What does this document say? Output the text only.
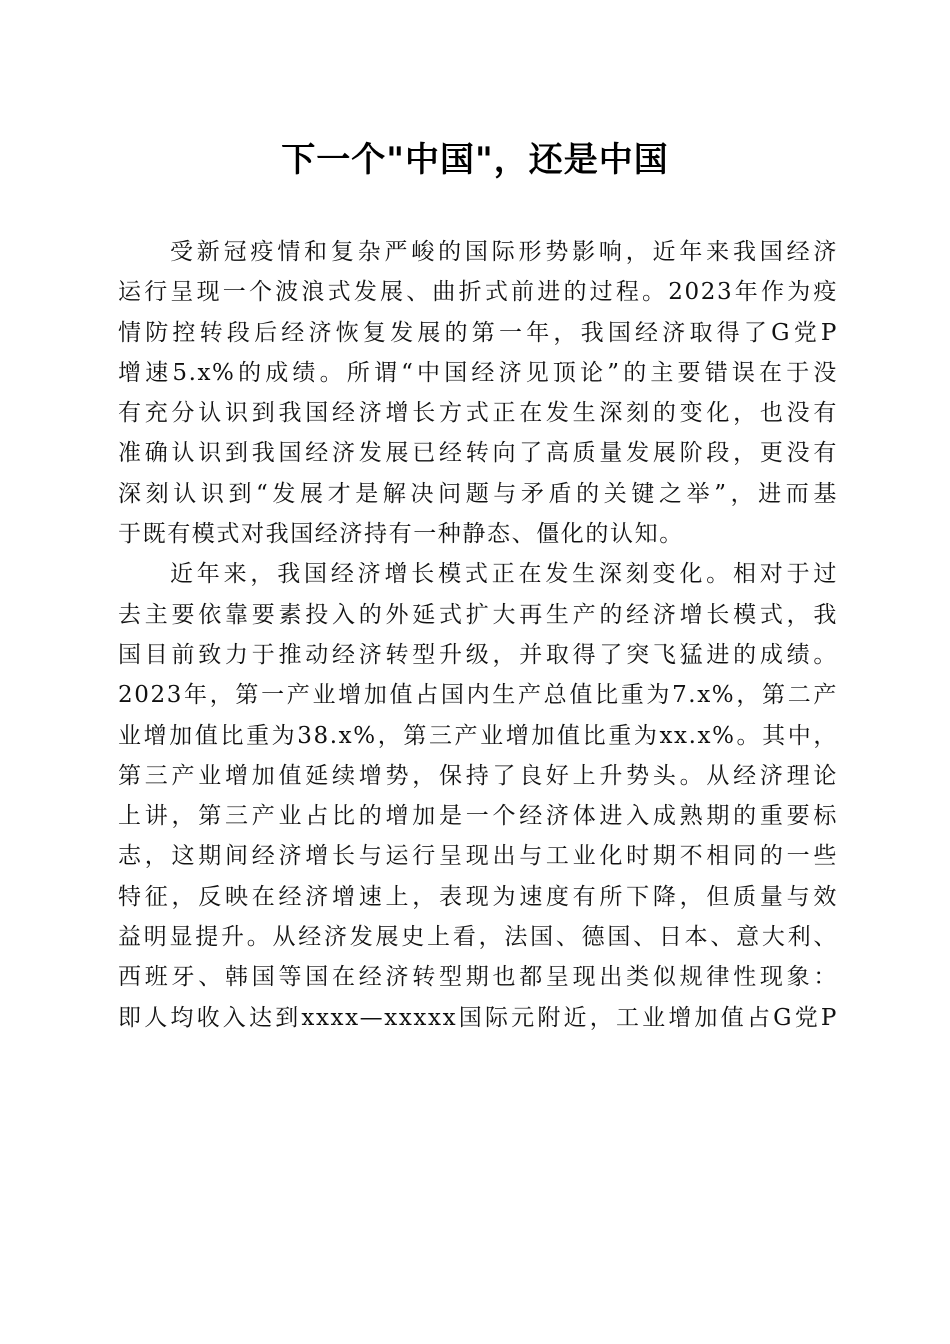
下一个"中国"，还是中国
受新冠疫情和复杂严峻的国际形势影响，近年来我国经济
运行呈现一个波浪式发展、曲折式前进的过程。2023年作为疫
情防控转段后经济恢复发展的第一年，我国经济取得了G党P
增速5.x%的成绩。所谓“中国经济见顶论”的主要错误在于没
有充分认识到我国经济增长方式正在发生深刻的变化，也没有
准确认识到我国经济发展已经转向了高质量发展阶段，更没有
深刻认识到“发展才是解决问题与矛盾的关键之举”，进而基
于既有模式对我国经济持有一种静态、僵化的认知。
近年来，我国经济增长模式正在发生深刻变化。相对于过
去主要依靠要素投入的外延式扩大再生产的经济增长模式，我
国目前致力于推动经济转型升级，并取得了突飞猛进的成绩。
2023年，第一产业增加值占国内生产总值比重为7.x%，第二产
业增加值比重为38.x%，第三产业增加值比重为xx.x%。其中，
第三产业增加值延续增势，保持了良好上升势头。从经济理论
上讲，第三产业占比的增加是一个经济体进入成熟期的重要标
志，这期间经济增长与运行呈现出与工业化时期不相同的一些
特征，反映在经济增速上，表现为速度有所下降，但质量与效
益明显提升。从经济发展史上看，法国、德国、日本、意大利、
西班牙、韩国等国在经济转型期也都呈现出类似规律性现象：
即人均收入达到xxxx—xxxxx国际元附近，工业增加值占G党P
